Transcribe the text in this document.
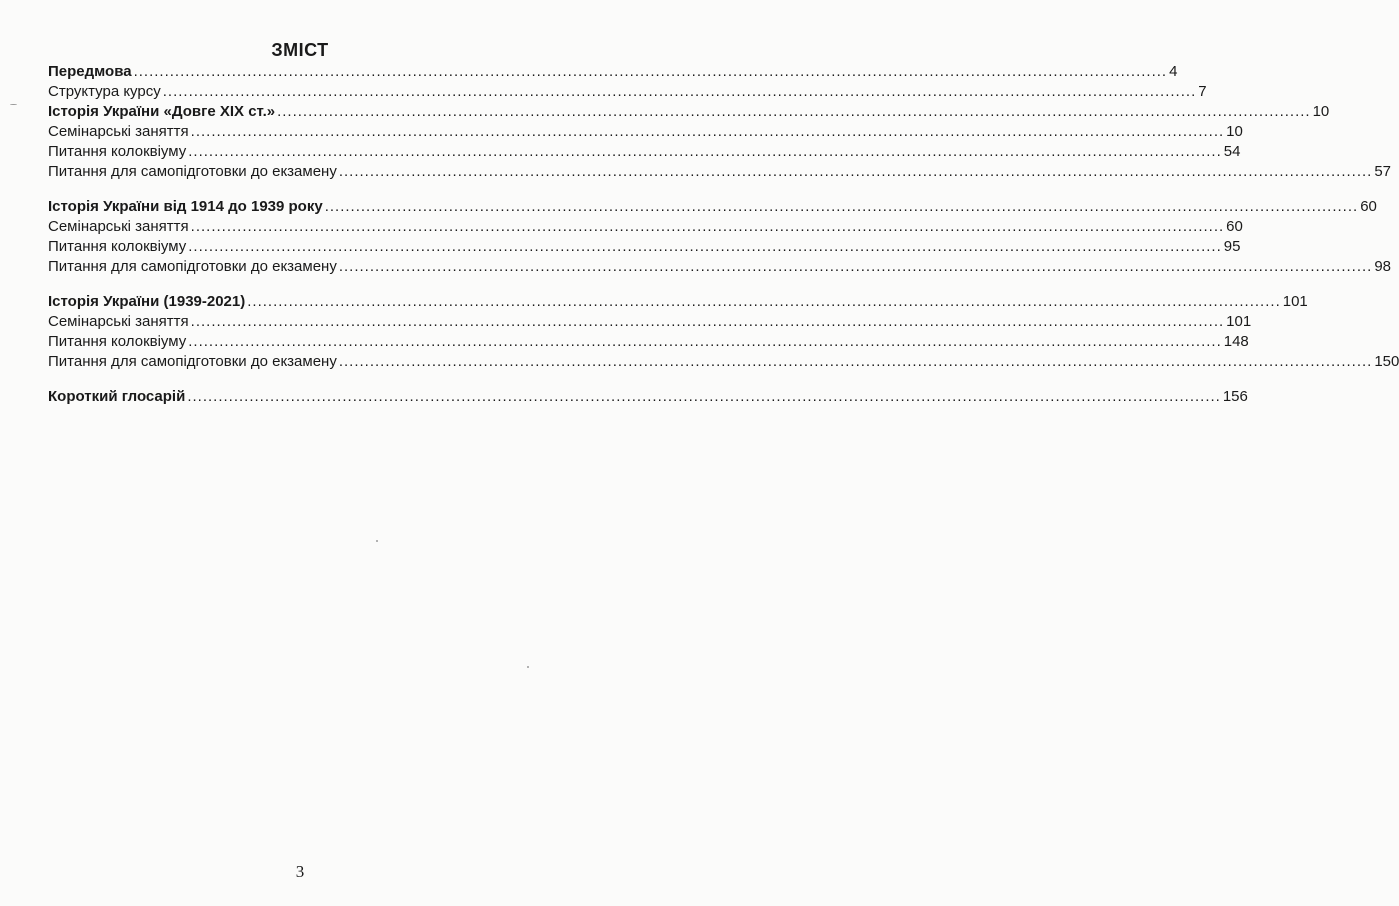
ЗМІСТ
Передмова ........................................................................................................................................................................................................ 4
Структура курсу ........................................................................................................................................................................................................ 7
Історія України «Довге ХІХ ст.» ........................................................................................................................................................................................................ 10
Семінарські заняття ........................................................................................................................................................................................................ 10
Питання колоквіуму ........................................................................................................................................................................................................ 54
Питання для самопідготовки до екзамену ........................................................................................................................................................................................................ 57
Історія України від 1914 до 1939 року ........................................................................................................................................................................................................ 60
Семінарські заняття ........................................................................................................................................................................................................ 60
Питання колоквіуму ........................................................................................................................................................................................................ 95
Питання для самопідготовки до екзамену ........................................................................................................................................................................................................ 98
Історія України (1939-2021) ........................................................................................................................................................................................................ 101
Семінарські заняття ........................................................................................................................................................................................................ 101
Питання колоквіуму ........................................................................................................................................................................................................ 148
Питання для самопідготовки до екзамену ........................................................................................................................................................................................................ 150
Короткий глосарій ........................................................................................................................................................................................................ 156
3
